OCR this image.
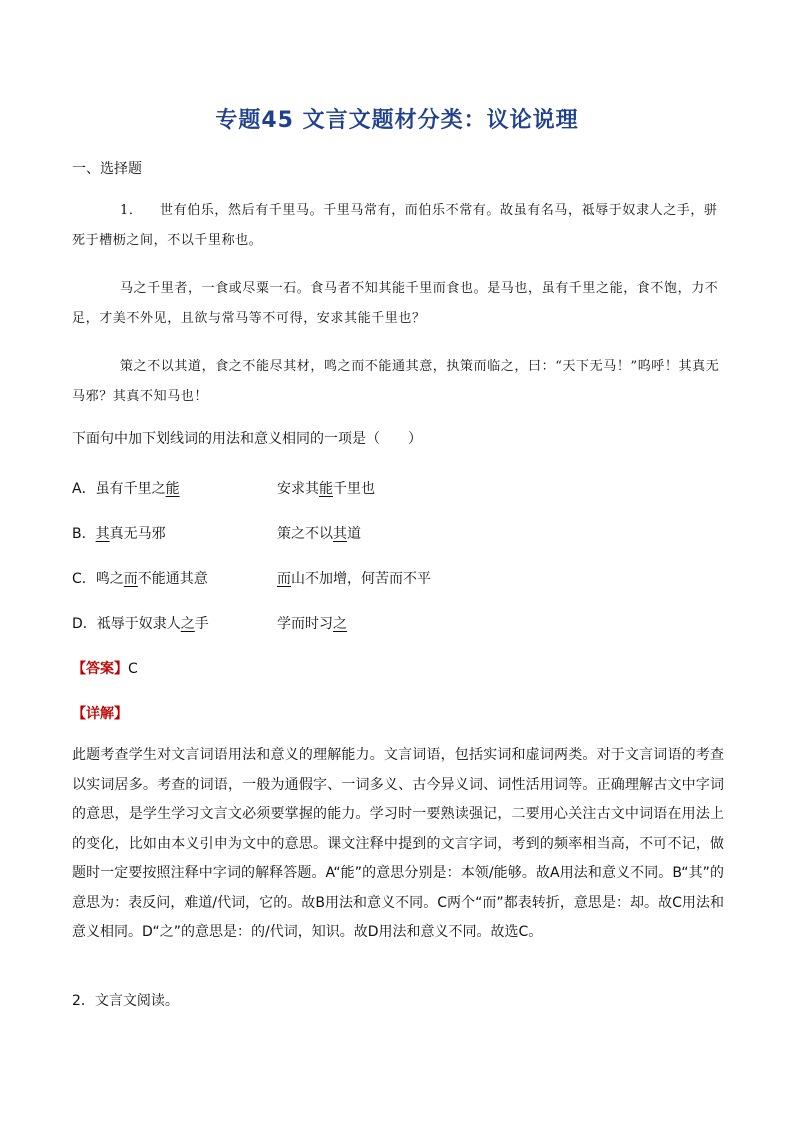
专题45 文言文题材分类：议论说理
一、选择题
1． 世有伯乐，然后有千里马。千里马常有，而伯乐不常有。故虽有名马，祗辱于奴隶人之手，骈死于槽枥之间，不以千里称也。
马之千里者，一食或尽粟一石。食马者不知其能千里而食也。是马也，虽有千里之能，食不饱，力不足，才美不外见，且欲与常马等不可得，安求其能千里也？
策之不以其道，食之不能尽其材，鸣之而不能通其意，执策而临之，曰：“天下无马！”呜呼！其真无马邪？其真不知马也！
下面句中加下划线词的用法和意义相同的一项是（　　）
A．虽有千里之能	安求其能千里也
B．其真无马邪	策之不以其道
C．鸣之而不能通其意	而山不加增，何苦而不平
D．祗辱于奴隶人之手	学而时习之
【答案】C
【详解】
此题考查学生对文言词语用法和意义的理解能力。文言词语，包括实词和虚词两类。对于文言词语的考查以实词居多。考查的词语，一般为通假字、一词多义、古今异义词、词性活用词等。正确理解古文中字词的意思，是学生学习文言文必须要掌握的能力。学习时一要熟读强记，二要用心关注古文中词语在用法上的变化，比如由本义引申为文中的意思。课文注释中提到的文言字词，考到的频率相当高，不可不记，做题时一定要按照注释中字词的解释答题。A“能”的意思分别是：本领/能够。故A用法和意义不同。B“其”的意思为：表反问，难道/代词，它的。故B用法和意义不同。C两个“而”都表转折，意思是：却。故C用法和意义相同。D“之”的意思是：的/代词，知识。故D用法和意义不同。故选C。
2．文言文阅读。
